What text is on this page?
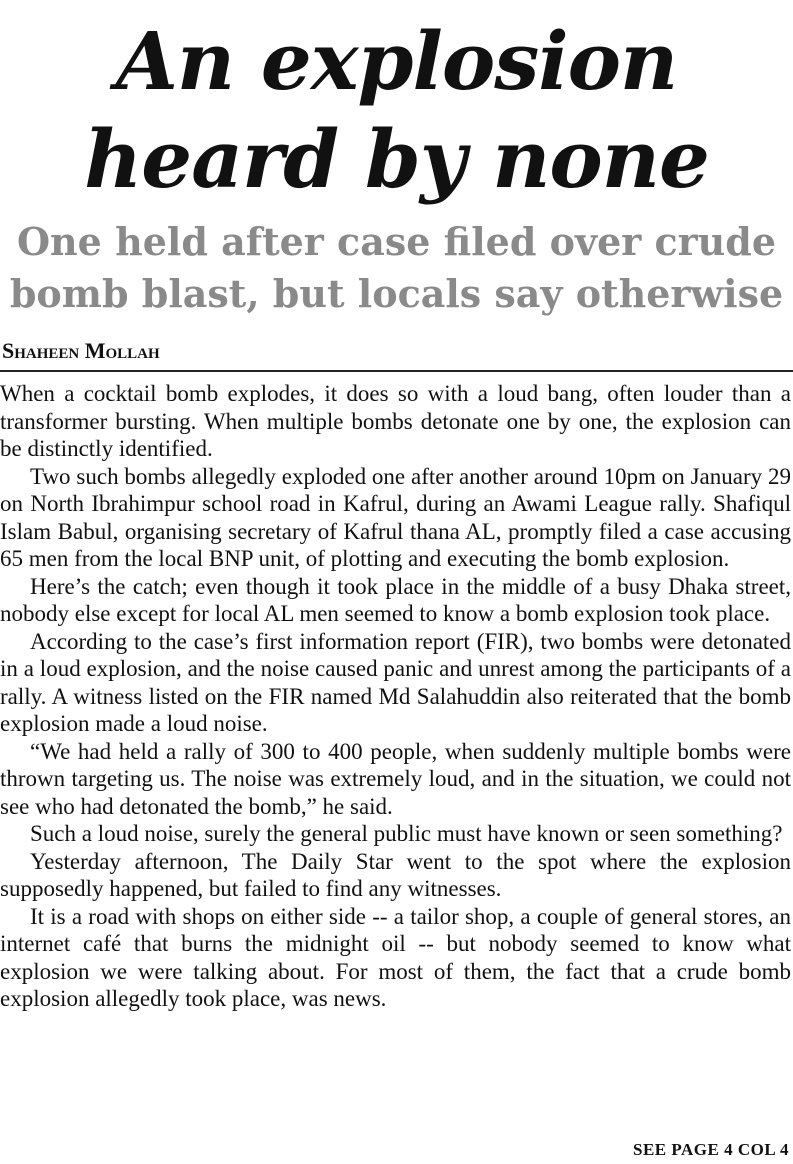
An explosion
heard by none
One held after case filed over crude
bomb blast, but locals say otherwise
Shaheen Mollah

When a cocktail bomb explodes, it does so with a loud bang, often louder than a transformer bursting. When multiple bombs detonate one by one, the explosion can be distinctly identified.

Two such bombs allegedly exploded one after another around 10pm on January 29 on North Ibrahimpur school road in Kafrul, during an Awami League rally. Shafiqul Islam Babul, organising secretary of Kafrul thana AL, promptly filed a case accusing 65 men from the local BNP unit, of plotting and executing the bomb explosion.

Here’s the catch; even though it took place in the middle of a busy Dhaka street, nobody else except for local AL men seemed to know a bomb explosion took place.

According to the case’s first information report (FIR), two bombs were detonated in a loud explosion, and the noise caused panic and unrest among the participants of a rally. A witness listed on the FIR named Md Salahuddin also reiterated that the bomb explosion made a loud noise.

“We had held a rally of 300 to 400 people, when suddenly multiple bombs were thrown targeting us. The noise was extremely loud, and in the situation, we could not see who had detonated the bomb,” he said.

Such a loud noise, surely the general public must have known or seen something?

Yesterday afternoon, The Daily Star went to the spot where the explosion supposedly happened, but failed to find any witnesses.

It is a road with shops on either side -- a tailor shop, a couple of general stores, an internet café that burns the midnight oil -- but nobody seemed to know what explosion we were talking about. For most of them, the fact that a crude bomb explosion allegedly took place, was news.

SEE PAGE 4 COL 4
